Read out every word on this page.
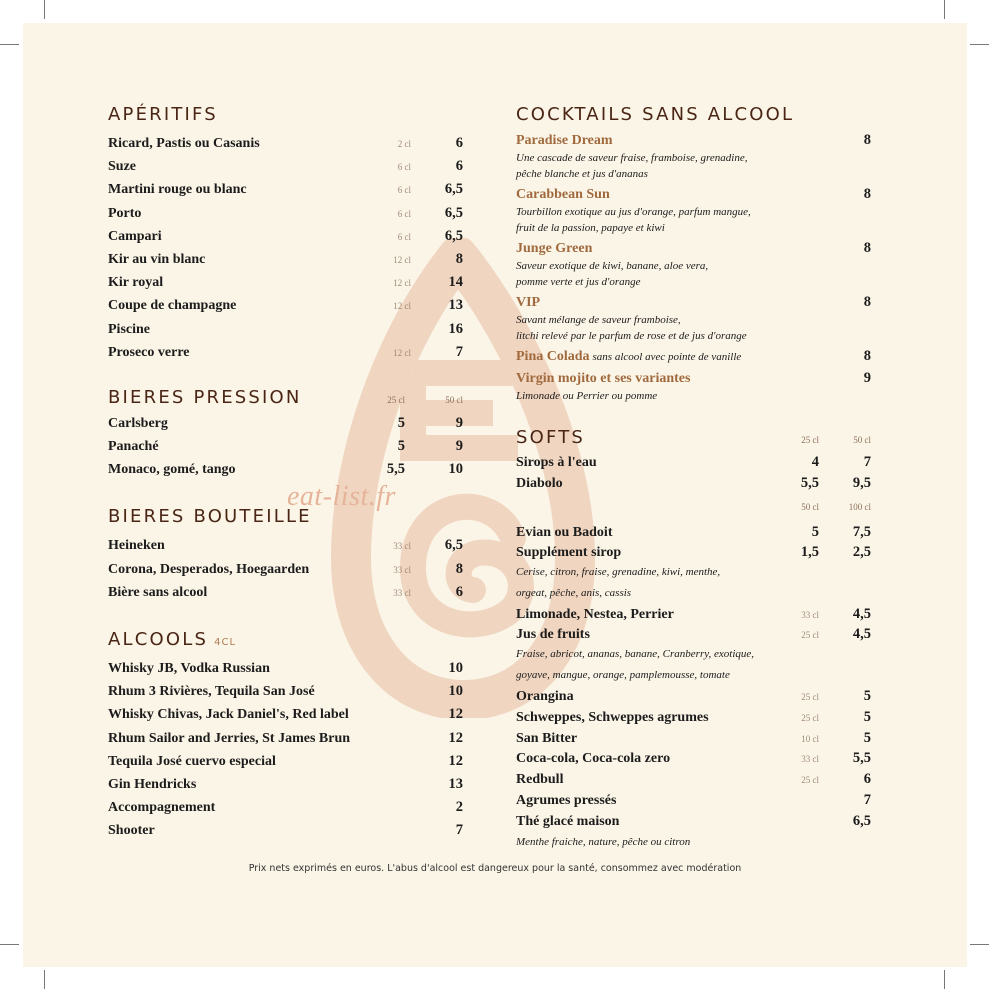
eat-list.fr
APÉRITIFS
Ricard, Pastis ou Casanis	2 cl	6
Suze	6 cl	6
Martini rouge ou blanc	6 cl	6,5
Porto	6 cl	6,5
Campari	6 cl	6,5
Kir au vin blanc	12 cl	8
Kir royal	12 cl	14
Coupe de champagne	12 cl	13
Piscine	16
Proseco verre	12 cl	7
BIERES PRESSION	25 cl	50 cl
Carlsberg	5	9
Panaché	5	9
Monaco, gomé, tango	5,5	10
BIERES BOUTEILLE
Heineken	33 cl	6,5
Corona, Desperados, Hoegaarden	33 cl	8
Bière sans alcool	33 cl	6
ALCOOLS 4CL
Whisky JB, Vodka Russian	10
Rhum 3 Rivières, Tequila San José	10
Whisky Chivas, Jack Daniel's, Red label	12
Rhum Sailor and Jerries, St James Brun	12
Tequila José cuervo especial	12
Gin Hendricks	13
Accompagnement	2
Shooter	7
COCKTAILS SANS ALCOOL
Paradise Dream	8
Une cascade de saveur fraise, framboise, grenadine,
pêche blanche et jus d'ananas
Carabbean Sun	8
Tourbillon exotique au jus d'orange, parfum mangue,
fruit de la passion, papaye et kiwi
Junge Green	8
Saveur exotique de kiwi, banane, aloe vera,
pomme verte et jus d'orange
VIP	8
Savant mélange de saveur framboise,
litchi relevé par le parfum de rose et de jus d'orange
Pina Colada sans alcool avec pointe de vanille	8
Virgin mojito et ses variantes	9
Limonade ou Perrier ou pomme
SOFTS	25 cl	50 cl
Sirops à l'eau	4	7
Diabolo	5,5	9,5
50 cl	100 cl
Evian ou Badoit	5	7,5
Supplément sirop	1,5	2,5
Cerise, citron, fraise, grenadine, kiwi, menthe,
orgeat, pêche, anis, cassis
Limonade, Nestea, Perrier	33 cl	4,5
Jus de fruits	25 cl	4,5
Fraise, abricot, ananas, banane, Cranberry, exotique,
goyave, mangue, orange, pamplemousse, tomate
Orangina	25 cl	5
Schweppes, Schweppes agrumes	25 cl	5
San Bitter	10 cl	5
Coca-cola, Coca-cola zero	33 cl	5,5
Redbull	25 cl	6
Agrumes pressés	7
Thé glacé maison	6,5
Menthe fraiche, nature, pêche ou citron
Prix nets exprimés en euros. L'abus d'alcool est dangereux pour la santé, consommez avec modération
